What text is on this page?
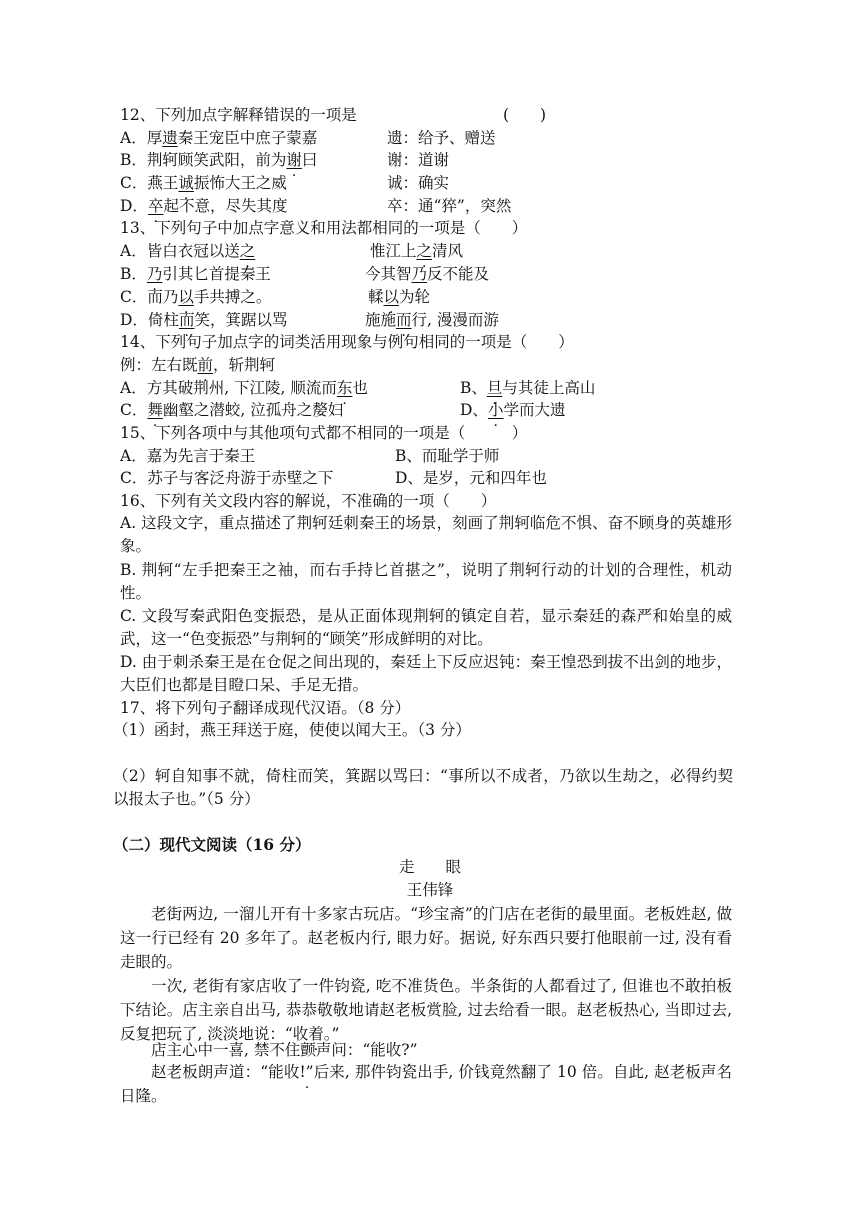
12、下列加点字解释错误的一项是	(　　)
A．厚遗秦王宠臣中庶子蒙嘉	遗：给予、赠送
B．荆轲顾笑武阳，前为谢曰	谢：道谢
C．燕王诚振怖大王之威	诚：确实
D．卒起不意，尽失其度	卒：通“猝”，突然
13、下列句子中加点字意义和用法都相同的一项是（　　）
A．皆白衣冠以送之	惟江上之清风
B．乃引其匕首提秦王	今其智乃反不能及
C．而乃以手共搏之。	輮以为轮
D．倚柱而笑，箕踞以骂	施施而行, 漫漫而游
14、下列句子加点字的词类活用现象与例句相同的一项是（　　）
例：左右既前，斩荆轲
A．方其破荆州, 下江陵, 顺流而东也	B、旦与其徒上高山
C．舞幽壑之潜蛟, 泣孤舟之嫠妇	D、小学而大遗
15、下列各项中与其他项句式都不相同的一项是（　　　）
A．嘉为先言于秦王	B、而耻学于师
C．苏子与客泛舟游于赤壁之下	D、是岁，元和四年也
16、下列有关文段内容的解说，不准确的一项（　　）
A. 这段文字，重点描述了荆轲廷刺秦王的场景，刻画了荆轲临危不惧、奋不顾身的英雄形象。
B. 荆轲“左手把秦王之袖，而右手持匕首揕之”，说明了荆轲行动的计划的合理性，机动性。
C. 文段写秦武阳色变振恐，是从正面体现荆轲的镇定自若，显示秦廷的森严和始皇的威武，这一“色变振恐”与荆轲的“顾笑”形成鲜明的对比。
D. 由于刺杀秦王是在仓促之间出现的，秦廷上下反应迟钝：秦王惶恐到拔不出剑的地步，大臣们也都是目瞪口呆、手足无措。
17、将下列句子翻译成现代汉语。（8 分）
（1）函封，燕王拜送于庭，使使以闻大王。（3 分）
（2）轲自知事不就，倚柱而笑，箕踞以骂曰：“事所以不成者，乃欲以生劫之，必得约契以报太子也。”（5 分）
（二）现代文阅读（16 分）
走　　眼
王伟锋
老街两边, 一溜儿开有十多家古玩店。“珍宝斋”的门店在老街的最里面。老板姓赵, 做这一行已经有 20 多年了。赵老板内行, 眼力好。据说, 好东西只要打他眼前一过, 没有看走眼的。
一次, 老街有家店收了一件钧瓷, 吃不准货色。半条街的人都看过了, 但谁也不敢拍板下结论。店主亲自出马, 恭恭敬敬地请赵老板赏脸, 过去给看一眼。赵老板热心, 当即过去, 反复把玩了, 淡淡地说：“收着。”
店主心中一喜, 禁不住颤声问：“能收?”
赵老板朗声道：“能收!”后来, 那件钧瓷出手, 价钱竟然翻了 10 倍。自此, 赵老板声名日隆。
